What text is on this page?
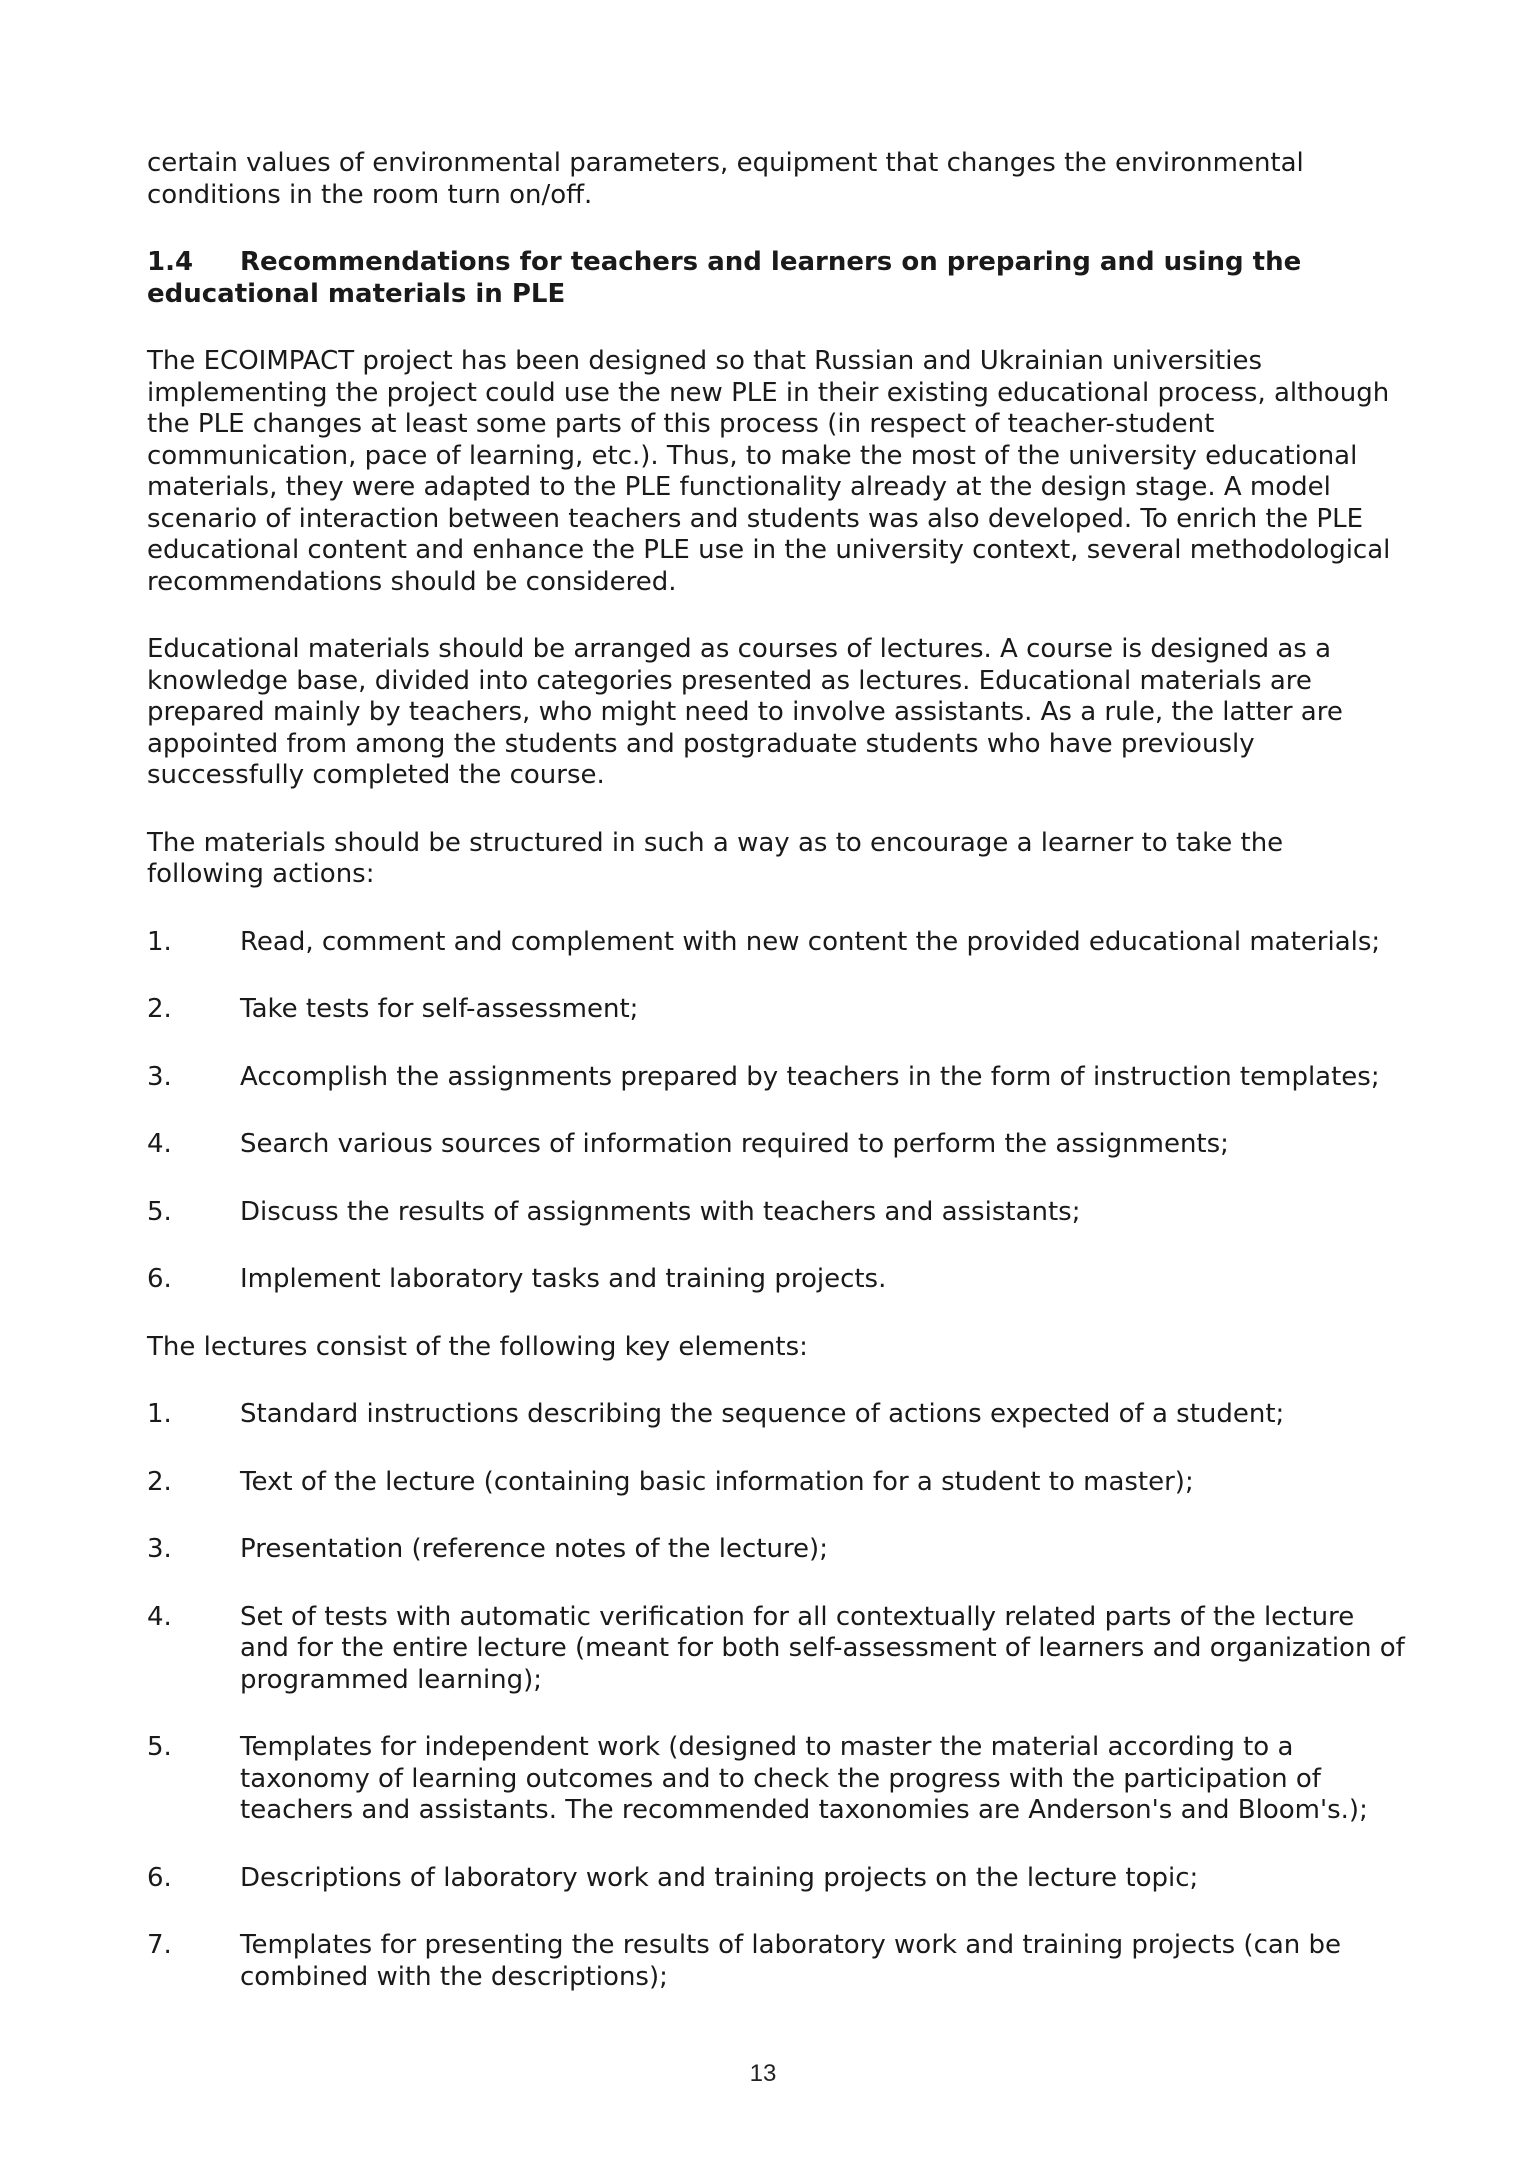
certain values of environmental parameters, equipment that changes the environmental conditions in the room turn on/off.

1.4 Recommendations for teachers and learners on preparing and using the educational materials in PLE

The ECOIMPACT project has been designed so that Russian and Ukrainian universities implementing the project could use the new PLE in their existing educational process, although the PLE changes at least some parts of this process (in respect of teacher-student communication, pace of learning, etc.). Thus, to make the most of the university educational materials, they were adapted to the PLE functionality already at the design stage. A model scenario of interaction between teachers and students was also developed. To enrich the PLE educational content and enhance the PLE use in the university context, several methodological recommendations should be considered.

Educational materials should be arranged as courses of lectures. A course is designed as a knowledge base, divided into categories presented as lectures. Educational materials are prepared mainly by teachers, who might need to involve assistants. As a rule, the latter are appointed from among the students and postgraduate students who have previously successfully completed the course.

The materials should be structured in such a way as to encourage a learner to take the following actions:

1.	Read, comment and complement with new content the provided educational materials;
2.	Take tests for self-assessment;
3.	Accomplish the assignments prepared by teachers in the form of instruction templates;
4.	Search various sources of information required to perform the assignments;
5.	Discuss the results of assignments with teachers and assistants;
6.	Implement laboratory tasks and training projects.

The lectures consist of the following key elements:

1.	Standard instructions describing the sequence of actions expected of a student;
2.	Text of the lecture (containing basic information for a student to master);
3.	Presentation (reference notes of the lecture);
4.	Set of tests with automatic verification for all contextually related parts of the lecture and for the entire lecture (meant for both self-assessment of learners and organization of programmed learning);
5.	Templates for independent work (designed to master the material according to a taxonomy of learning outcomes and to check the progress with the participation of teachers and assistants. The recommended taxonomies are Anderson's and Bloom's.);
6.	Descriptions of laboratory work and training projects on the lecture topic;
7.	Templates for presenting the results of laboratory work and training projects (can be combined with the descriptions);
13
